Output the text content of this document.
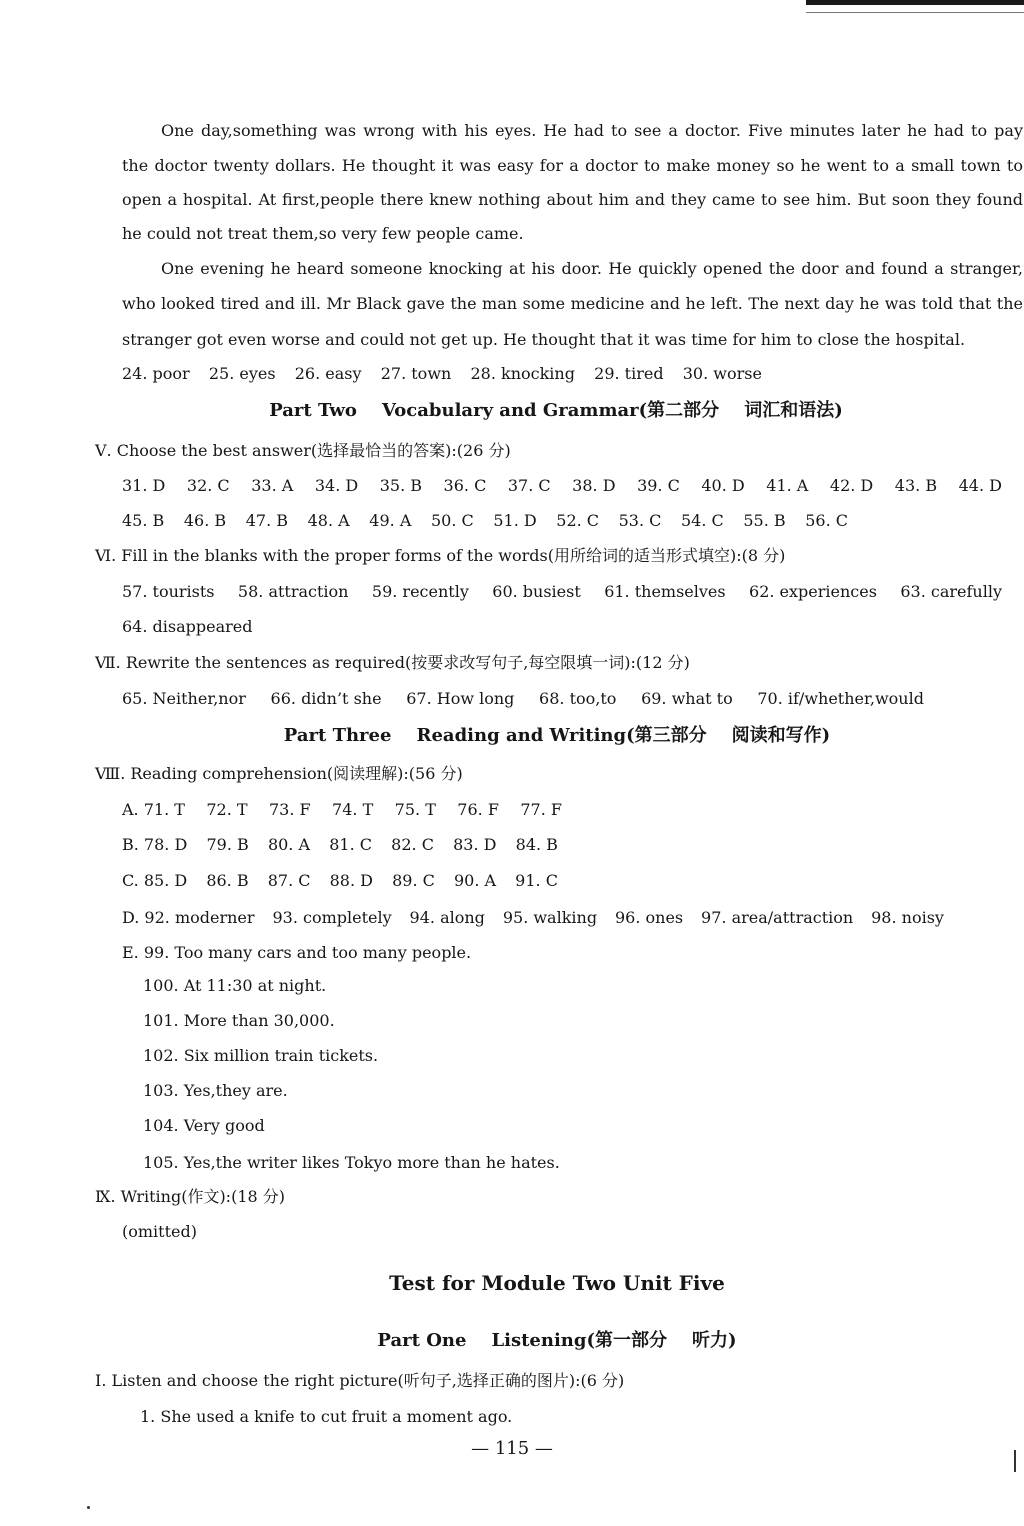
One day,something was wrong with his eyes. He had to see a doctor. Five minutes later he had to pay
the doctor twenty dollars. He thought it was easy for a doctor to make money so he went to a small town to
open a hospital. At first,people there knew nothing about him and they came to see him. But soon they found
he could not treat them,so very few people came.
One evening he heard someone knocking at his door. He quickly opened the door and found a stranger,
who looked tired and ill. Mr Black gave the man some medicine and he left. The next day he was told that the
stranger got even worse and could not get up. He thought that it was time for him to close the hospital.
24. poor 25. eyes 26. easy 27. town 28. knocking 29. tired 30. worse
Part Two    Vocabulary and Grammar(第二部分    词汇和语法)
Ⅴ. Choose the best answer(选择最恰当的答案):(26 分)
31. D 32. C 33. A 34. D 35. B 36. C 37. C 38. D 39. C 40. D 41. A 42. D 43. B 44. D
45. B 46. B 47. B 48. A 49. A 50. C 51. D 52. C 53. C 54. C 55. B 56. C
Ⅵ. Fill in the blanks with the proper forms of the words(用所给词的适当形式填空):(8 分)
57. tourists 58. attraction 59. recently 60. busiest 61. themselves 62. experiences 63. carefully
64. disappeared
Ⅶ. Rewrite the sentences as required(按要求改写句子,每空限填一词):(12 分)
65. Neither,nor 66. didn’t she 67. How long 68. too,to 69. what to 70. if/whether,would
Part Three    Reading and Writing(第三部分    阅读和写作)
Ⅷ. Reading comprehension(阅读理解):(56 分)
A. 71. T 72. T 73. F 74. T 75. T 76. F 77. F
B. 78. D 79. B 80. A 81. C 82. C 83. D 84. B
C. 85. D 86. B 87. C 88. D 89. C 90. A 91. C
D. 92. moderner 93. completely 94. along 95. walking 96. ones 97. area/attraction 98. noisy
E. 99. Too many cars and too many people.
100. At 11:30 at night.
101. More than 30,000.
102. Six million train tickets.
103. Yes,they are.
104. Very good
105. Yes,the writer likes Tokyo more than he hates.
Ⅸ. Writing(作文):(18 分)
(omitted)
Test for Module Two Unit Five
Part One    Listening(第一部分    听力)
Ⅰ. Listen and choose the right picture(听句子,选择正确的图片):(6 分)
1. She used a knife to cut fruit a moment ago.
— 115 —
